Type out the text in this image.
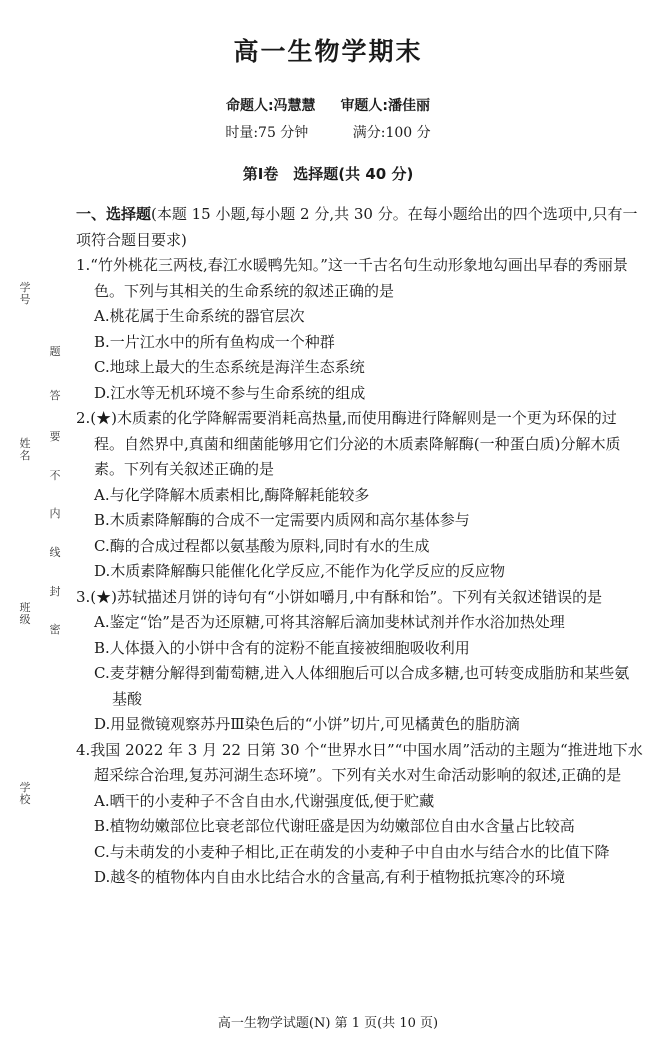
学号
姓名
班级
学校
题
答
要
不
内
线
封
密
高一生物学期末
命题人:冯慧慧 审题人:潘佳丽
时量:75 分钟	满分:100 分
第Ⅰ卷　选择题(共 40 分)

一、选择题(本题 15 小题,每小题 2 分,共 30 分。在每小题给出的四个选项中,只有一项符合题目要求)

1.“竹外桃花三两枝,春江水暖鸭先知。”这一千古名句生动形象地勾画出早春的秀丽景色。下列与其相关的生命系统的叙述正确的是

A.桃花属于生命系统的器官层次

B.一片江水中的所有鱼构成一个种群

C.地球上最大的生态系统是海洋生态系统

D.江水等无机环境不参与生命系统的组成

2.(★)木质素的化学降解需要消耗高热量,而使用酶进行降解则是一个更为环保的过程。自然界中,真菌和细菌能够用它们分泌的木质素降解酶(一种蛋白质)分解木质素。下列有关叙述正确的是

A.与化学降解木质素相比,酶降解耗能较多

B.木质素降解酶的合成不一定需要内质网和高尔基体参与

C.酶的合成过程都以氨基酸为原料,同时有水的生成

D.木质素降解酶只能催化化学反应,不能作为化学反应的反应物

3.(★)苏轼描述月饼的诗句有“小饼如嚼月,中有酥和饴”。下列有关叙述错误的是

A.鉴定“饴”是否为还原糖,可将其溶解后滴加斐林试剂并作水浴加热处理

B.人体摄入的小饼中含有的淀粉不能直接被细胞吸收利用

C.麦芽糖分解得到葡萄糖,进入人体细胞后可以合成多糖,也可转变成脂肪和某些氨基酸

D.用显微镜观察苏丹Ⅲ染色后的“小饼”切片,可见橘黄色的脂肪滴

4.我国 2022 年 3 月 22 日第 30 个“世界水日”“中国水周”活动的主题为“推进地下水超采综合治理,复苏河湖生态环境”。下列有关水对生命活动影响的叙述,正确的是

A.晒干的小麦种子不含自由水,代谢强度低,便于贮藏

B.植物幼嫩部位比衰老部位代谢旺盛是因为幼嫩部位自由水含量占比较高

C.与未萌发的小麦种子相比,正在萌发的小麦种子中自由水与结合水的比值下降

D.越冬的植物体内自由水比结合水的含量高,有利于植物抵抗寒冷的环境

高一生物学试题(N) 第 1 页(共 10 页)
